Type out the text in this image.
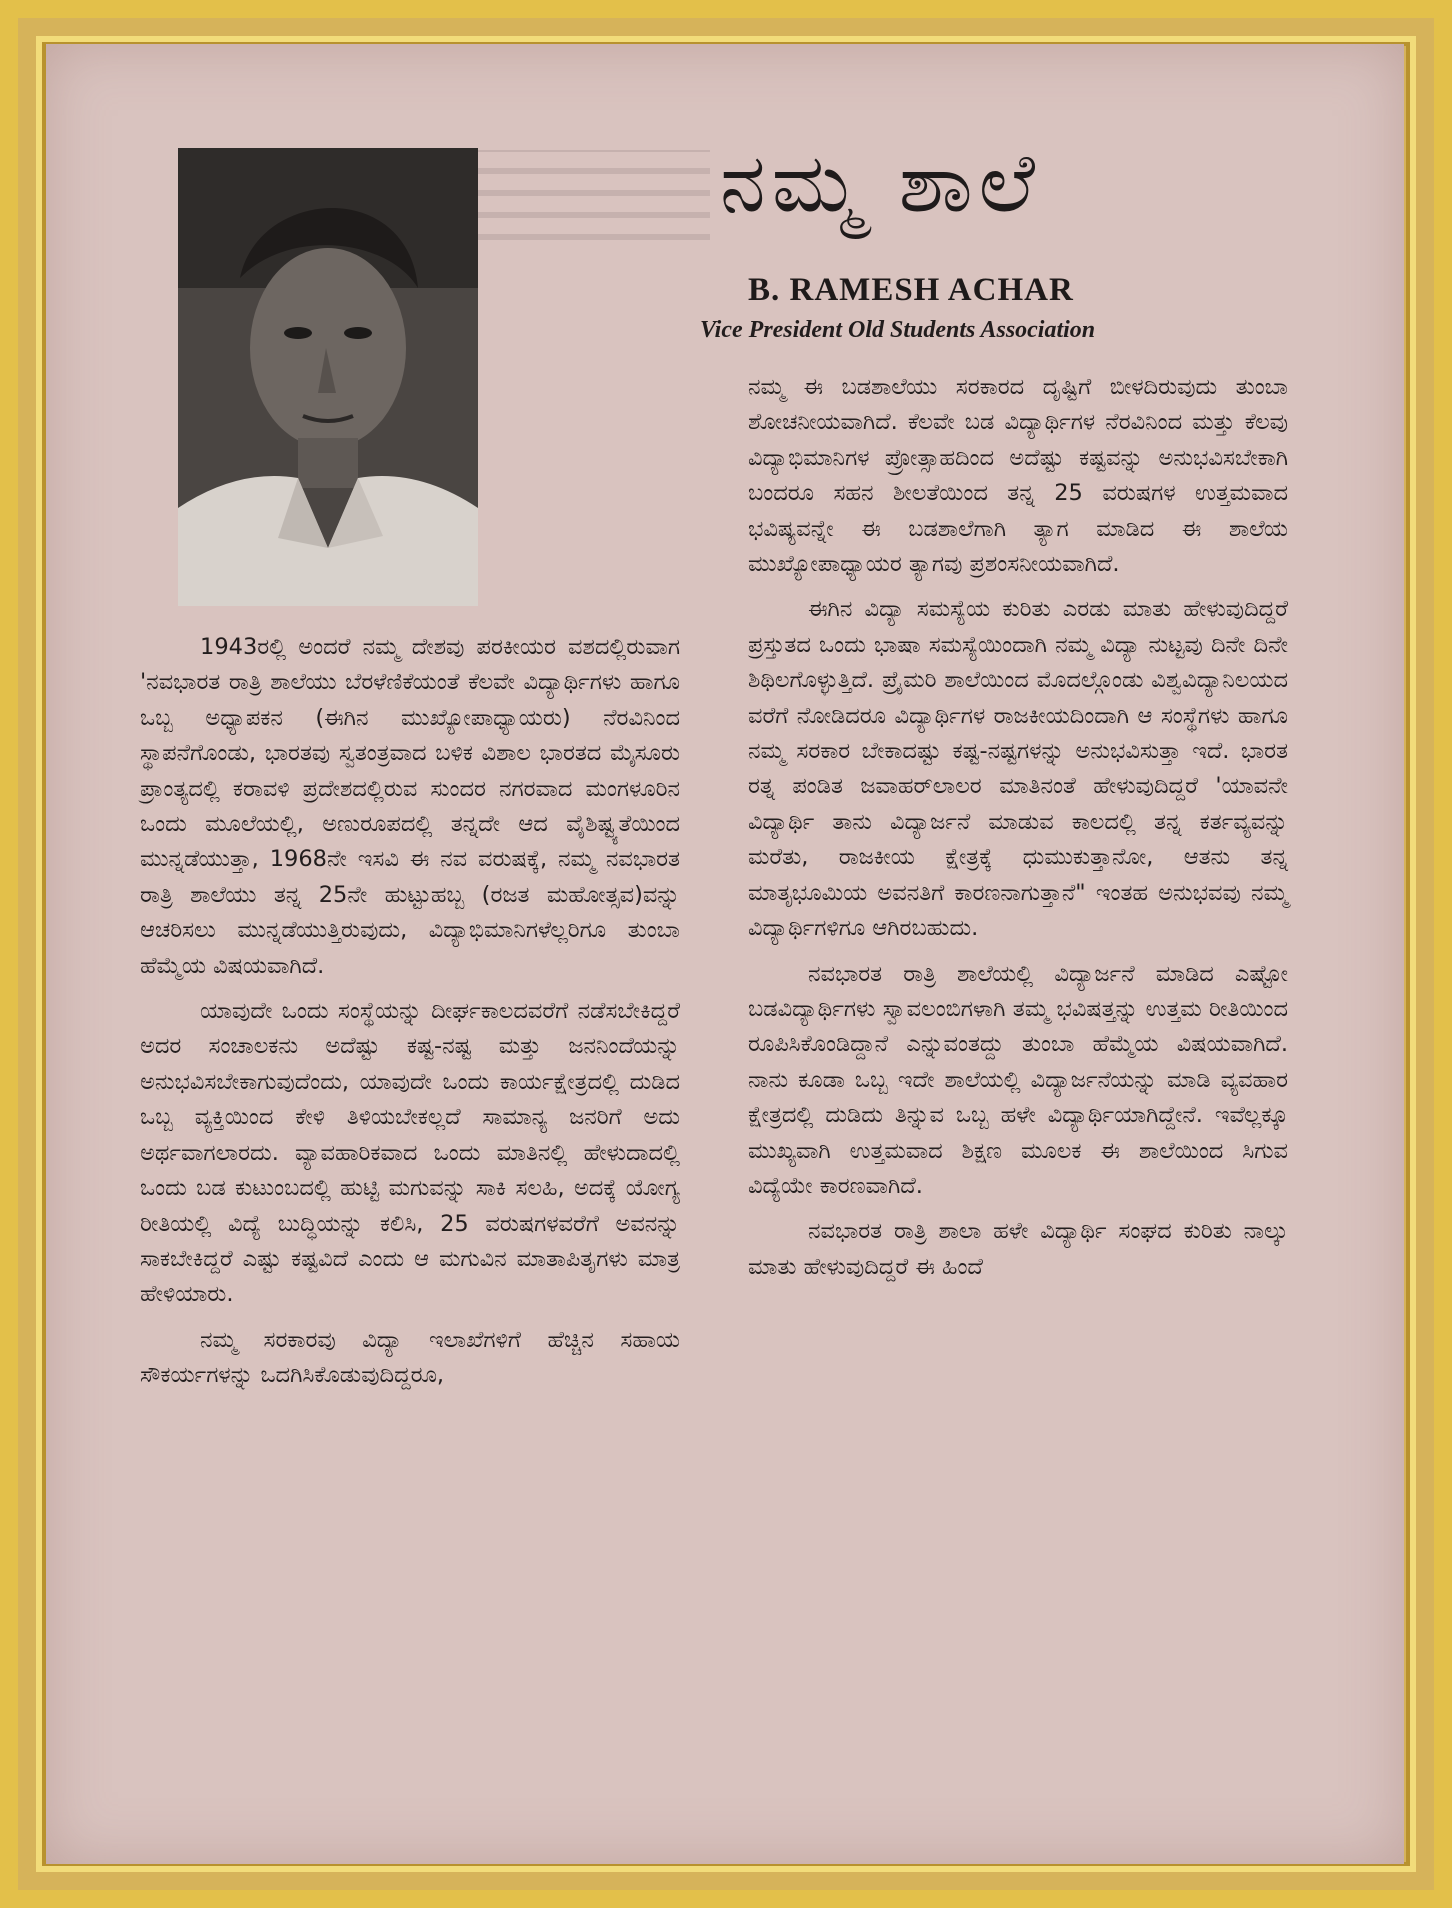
ನಮ್ಮ ಶಾಲೆ
B. RAMESH ACHAR
Vice President Old Students Association

1943ರಲ್ಲಿ ಅಂದರೆ ನಮ್ಮ ದೇಶವು ಪರಕೀಯರ ವಶದಲ್ಲಿರುವಾಗ 'ನವಭಾರತ ರಾತ್ರಿ ಶಾಲೆಯು ಬೆರಳೆಣಿಕೆಯಂತೆ ಕೆಲವೇ ವಿದ್ಯಾರ್ಥಿಗಳು ಹಾಗೂ ಒಬ್ಬ ಅಧ್ಯಾಪಕನ (ಈಗಿನ ಮುಖ್ಯೋಪಾಧ್ಯಾಯರು) ನೆರವಿನಿಂದ ಸ್ಥಾಪನೆಗೊಂಡು, ಭಾರತವು ಸ್ವತಂತ್ರವಾದ ಬಳಿಕ ವಿಶಾಲ ಭಾರತದ ಮೈಸೂರು ಪ್ರಾಂತ್ಯದಲ್ಲಿ ಕರಾವಳಿ ಪ್ರದೇಶದಲ್ಲಿರುವ ಸುಂದರ ನಗರವಾದ ಮಂಗಳೂರಿನ ಒಂದು ಮೂಲೆಯಲ್ಲಿ, ಅಣುರೂಪದಲ್ಲಿ ತನ್ನದೇ ಆದ ವೈಶಿಷ್ಟ್ಯತೆಯಿಂದ ಮುನ್ನಡೆಯುತ್ತಾ, 1968ನೇ ಇಸವಿ ಈ ನವ ವರುಷಕ್ಕೆ, ನಮ್ಮ ನವಭಾರತ ರಾತ್ರಿ ಶಾಲೆಯು ತನ್ನ 25ನೇ ಹುಟ್ಟುಹಬ್ಬ (ರಜತ ಮಹೋತ್ಸವ)ವನ್ನು ಆಚರಿಸಲು ಮುನ್ನಡೆಯುತ್ತಿರುವುದು, ವಿದ್ಯಾಭಿಮಾನಿಗಳೆಲ್ಲರಿಗೂ ತುಂಬಾ ಹೆಮ್ಮೆಯ ವಿಷಯವಾಗಿದೆ.

ಯಾವುದೇ ಒಂದು ಸಂಸ್ಥೆಯನ್ನು ದೀರ್ಘಕಾಲದವರೆಗೆ ನಡೆಸಬೇಕಿದ್ದರೆ ಅದರ ಸಂಚಾಲಕನು ಅದೆಷ್ಟು ಕಷ್ಟ-ನಷ್ಟ ಮತ್ತು ಜನನಿಂದೆಯನ್ನು ಅನುಭವಿಸಬೇಕಾಗುವುದೆಂದು, ಯಾವುದೇ ಒಂದು ಕಾರ್ಯಕ್ಷೇತ್ರದಲ್ಲಿ ದುಡಿದ ಒಬ್ಬ ವ್ಯಕ್ತಿಯಿಂದ ಕೇಳಿ ತಿಳಿಯಬೇಕಲ್ಲದೆ ಸಾಮಾನ್ಯ ಜನರಿಗೆ ಅದು ಅರ್ಥವಾಗಲಾರದು. ವ್ಯಾವಹಾರಿಕವಾದ ಒಂದು ಮಾತಿನಲ್ಲಿ ಹೇಳುದಾದಲ್ಲಿ ಒಂದು ಬಡ ಕುಟುಂಬದಲ್ಲಿ ಹುಟ್ಟಿ ಮಗುವನ್ನು ಸಾಕಿ ಸಲಹಿ, ಅದಕ್ಕೆ ಯೋಗ್ಯ ರೀತಿಯಲ್ಲಿ ವಿದ್ಯೆ ಬುದ್ಧಿಯನ್ನು ಕಲಿಸಿ, 25 ವರುಷಗಳವರೆಗೆ ಅವನನ್ನು ಸಾಕಬೇಕಿದ್ದರೆ ಎಷ್ಟು ಕಷ್ಟವಿದೆ ಎಂದು ಆ ಮಗುವಿನ ಮಾತಾಪಿತೃಗಳು ಮಾತ್ರ ಹೇಳಿಯಾರು.

ನಮ್ಮ ಸರಕಾರವು ವಿದ್ಯಾ ಇಲಾಖೆಗಳಿಗೆ ಹೆಚ್ಚಿನ ಸಹಾಯ ಸೌಕರ್ಯಗಳನ್ನು ಒದಗಿಸಿಕೊಡುವುದಿದ್ದರೂ,

ನಮ್ಮ ಈ ಬಡಶಾಲೆಯು ಸರಕಾರದ ದೃಷ್ಟಿಗೆ ಬೀಳದಿರುವುದು ತುಂಬಾ ಶೋಚನೀಯವಾಗಿದೆ. ಕೆಲವೇ ಬಡ ವಿದ್ಯಾರ್ಥಿಗಳ ನೆರವಿನಿಂದ ಮತ್ತು ಕೆಲವು ವಿದ್ಯಾಭಿಮಾನಿಗಳ ಪ್ರೋತ್ಸಾಹದಿಂದ ಅದೆಷ್ಟು ಕಷ್ಟವನ್ನು ಅನುಭವಿಸಬೇಕಾಗಿ ಬಂದರೂ ಸಹನ ಶೀಲತೆಯಿಂದ ತನ್ನ 25 ವರುಷಗಳ ಉತ್ತಮವಾದ ಭವಿಷ್ಯವನ್ನೇ ಈ ಬಡಶಾಲೆಗಾಗಿ ತ್ಯಾಗ ಮಾಡಿದ ಈ ಶಾಲೆಯ ಮುಖ್ಯೋಪಾಧ್ಯಾಯರ ತ್ಯಾಗವು ಪ್ರಶಂಸನೀಯವಾಗಿದೆ.

ಈಗಿನ ವಿದ್ಯಾ ಸಮಸ್ಯೆಯ ಕುರಿತು ಎರಡು ಮಾತು ಹೇಳುವುದಿದ್ದರೆ ಪ್ರಸ್ತುತದ ಒಂದು ಭಾಷಾ ಸಮಸ್ಯೆಯಿಂದಾಗಿ ನಮ್ಮ ವಿದ್ಯಾ ನುಟ್ಟವು ದಿನೇ ದಿನೇ ಶಿಥಿಲಗೊಳ್ಳುತ್ತಿದೆ. ಪ್ರೈಮರಿ ಶಾಲೆಯಿಂದ ಮೊದಲ್ಗೊಂಡು ವಿಶ್ವವಿದ್ಯಾನಿಲಯದ ವರೆಗೆ ನೋಡಿದರೂ ವಿದ್ಯಾರ್ಥಿಗಳ ರಾಜಕೀಯದಿಂದಾಗಿ ಆ ಸಂಸ್ಥೆಗಳು ಹಾಗೂ ನಮ್ಮ ಸರಕಾರ ಬೇಕಾದಷ್ಟು ಕಷ್ಟ-ನಷ್ಟಗಳನ್ನು ಅನುಭವಿಸುತ್ತಾ ಇದೆ. ಭಾರತ ರತ್ನ ಪಂಡಿತ ಜವಾಹರ್‌ಲಾಲರ ಮಾತಿನಂತೆ ಹೇಳುವುದಿದ್ದರೆ 'ಯಾವನೇ ವಿದ್ಯಾರ್ಥಿ ತಾನು ವಿದ್ಯಾರ್ಜನೆ ಮಾಡುವ ಕಾಲದಲ್ಲಿ ತನ್ನ ಕರ್ತವ್ಯವನ್ನು ಮರೆತು, ರಾಜಕೀಯ ಕ್ಷೇತ್ರಕ್ಕೆ ಧುಮುಕುತ್ತಾನೋ, ಆತನು ತನ್ನ ಮಾತೃಭೂಮಿಯ ಅವನತಿಗೆ ಕಾರಣನಾಗುತ್ತಾನೆ" ಇಂತಹ ಅನುಭವವು ನಮ್ಮ ವಿದ್ಯಾರ್ಥಿಗಳಿಗೂ ಆಗಿರಬಹುದು.

ನವಭಾರತ ರಾತ್ರಿ ಶಾಲೆಯಲ್ಲಿ ವಿದ್ಯಾರ್ಜನೆ ಮಾಡಿದ ಎಷ್ಟೋ ಬಡವಿದ್ಯಾರ್ಥಿಗಳು ಸ್ವಾವಲಂಬಿಗಳಾಗಿ ತಮ್ಮ ಭವಿಷತ್ತನ್ನು ಉತ್ತಮ ರೀತಿಯಿಂದ ರೂಪಿಸಿಕೊಂಡಿದ್ದಾನೆ ಎನ್ನುವಂತದ್ದು ತುಂಬಾ ಹೆಮ್ಮೆಯ ವಿಷಯವಾಗಿದೆ. ನಾನು ಕೂಡಾ ಒಬ್ಬ ಇದೇ ಶಾಲೆಯಲ್ಲಿ ವಿದ್ಯಾರ್ಜನೆಯನ್ನು ಮಾಡಿ ವ್ಯವಹಾರ ಕ್ಷೇತ್ರದಲ್ಲಿ ದುಡಿದು ತಿನ್ನುವ ಒಬ್ಬ ಹಳೇ ವಿದ್ಯಾರ್ಥಿಯಾಗಿದ್ದೇನೆ. ಇವೆಲ್ಲಕ್ಕೂ ಮುಖ್ಯವಾಗಿ ಉತ್ತಮವಾದ ಶಿಕ್ಷಣ ಮೂಲಕ ಈ ಶಾಲೆಯಿಂದ ಸಿಗುವ ವಿದ್ಯೆಯೇ ಕಾರಣವಾಗಿದೆ.

ನವಭಾರತ ರಾತ್ರಿ ಶಾಲಾ ಹಳೇ ವಿದ್ಯಾರ್ಥಿ ಸಂಘದ ಕುರಿತು ನಾಲ್ಕು ಮಾತು ಹೇಳುವುದಿದ್ದರೆ ಈ ಹಿಂದೆ
